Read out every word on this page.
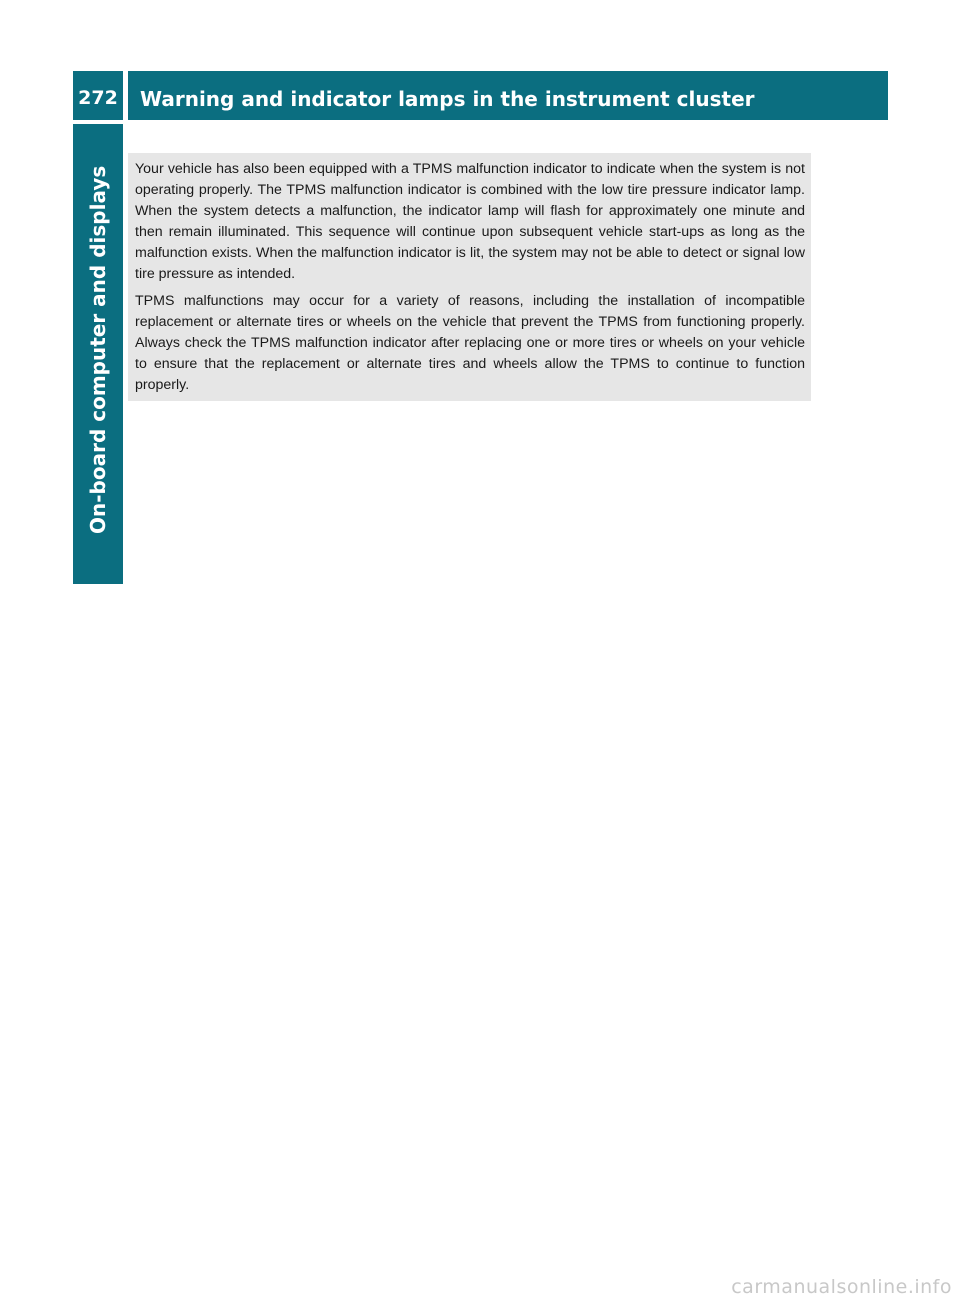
272 Warning and indicator lamps in the instrument cluster
On-board computer and displays Your vehicle has also been equipped with a TPMS malfunction indicator to indicate when the system is not operating properly. The TPMS malfunction indicator is combined with the low tire pressure indicator lamp. When the system detects a malfunction, the indicator lamp will flash for approximately one minute and then remain illuminated. This sequence will continue upon subsequent vehicle start-ups as long as the malfunction exists. When the malfunction indicator is lit, the system may not be able to detect or signal low tire pressure as intended.

TPMS malfunctions may occur for a variety of reasons, including the installation of incompatible replacement or alternate tires or wheels on the vehicle that prevent the TPMS from functioning properly. Always check the TPMS malfunction indicator after replacing one or more tires or wheels on your vehicle to ensure that the replacement or alternate tires and wheels allow the TPMS to continue to function properly.

carmanualsonline.info
